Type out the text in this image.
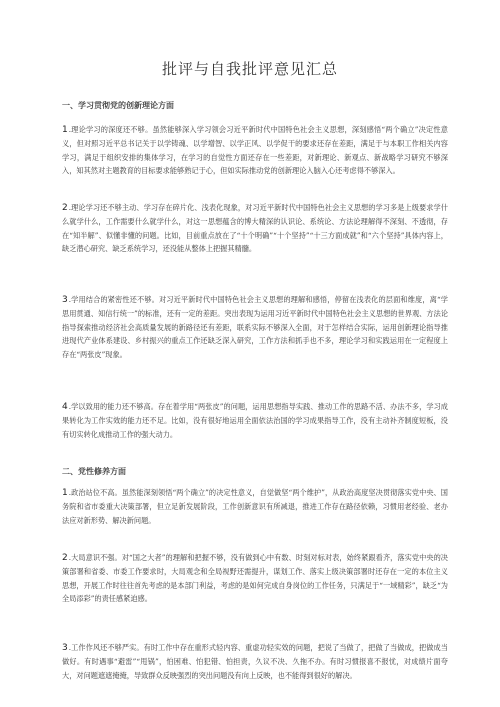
批评与自我批评意见汇总
一、学习贯彻党的创新理论方面

1.理论学习的深度还不够。虽然能够深入学习领会习近平新时代中国特色社会主义思想，深刻感悟“两个确立”决定性意义，但对照习近平总书记关于以学铸魂、以学增智、以学正风、以学促干的要求还存在差距，满足于与本职工作相关内容学习，满足于组织安排的集体学习，在学习的自觉性方面还存在一些差距，对新理论、新观点、新战略学习研究不够深入，知其然对主题教育的目标要求能够熟记于心，但如实际推动党的创新理论入脑入心还考虑得不够深入。

2.理论学习还不够主动、学习存在碎片化、浅表化现象，对习近平新时代中国特色社会主义思想的学习多是上级要求学什么就学什么，工作需要什么就学什么，对这一思想蕴含的博大精深的认识论、系统论、方法论理解得不深刻、不透彻，存在“知半解”、似懂非懂的问题。比如，目前重点放在了“十个明确”“十个坚持”“十三方面成就”和“六个坚持”具体内容上，缺乏潜心研究、缺乏系统学习，还没能从整体上把握其精髓。

3.学用结合的紧密性还不够。对习近平新时代中国特色社会主义思想的理解和感悟，停留在浅表化的层面和维度，离“学思用贯通、知信行统一”的标准，还有一定的差距。突出表现为运用习近平新时代中国特色社会主义思想的世界观、方法论指导探索推动经济社会高质量发展的新路径还有差距，联系实际不够深入全面，对于怎样结合实际，运用创新理论指导推进现代产业体系建设、乡村振兴的重点工作还缺乏深入研究，工作方法和抓手也不多，理论学习和实践运用在一定程度上存在“两张皮”现象。

4.学以致用的能力还不够高。存在着学用“两张皮”的问题，运用思想指导实践、推动工作的思路不活、办法不多，学习成果转化为工作实效的能力还不足。比如，没有很好地运用全面依法治国的学习成果指导工作，没有主动补齐制度短板，没有切实转化成推动工作的强大动力。

二、党性修养方面

1.政治站位不高。虽然能深刻领悟“两个确立”的决定性意义，自觉做坚“两个维护”，从政治高度坚决贯彻落实党中央、国务院和省市委重大决策部署，但立足新发展阶段，工作创新意识有所减退，推进工作存在路径依赖，习惯用老经验、老办法应对新形势、解决新问题。

2.大局意识不强。对“国之大者”的理解和把握不够，没有做到心中有数、时刻对标对表，始终紧跟看齐，落实党中央的决策部署和省委、市委工作要求时，大局观念和全局视野还需提升，谋划工作、落实上级决策部署时还存在一定的本位主义思想，开展工作时往往首先考虑的是本部门利益，考虑的是如何完成自身岗位的工作任务，只满足于“一域精彩”，缺乏“为全局添彩”的责任感紧迫感。

3.工作作风还不够严实。有时工作中存在重形式轻内容、重虚功轻实效的问题，把说了当做了，把做了当做成，把做成当做好。有时遇事“避雷”“甩锅”，怕困难、怕犯错、怕担责，久议不决、久拖不办。有时习惯报喜不报忧，对成绩片面夸大，对问题遮遮掩掩，导致群众反映强烈的突出问题没有向上反映，也不能得到很好的解决。
